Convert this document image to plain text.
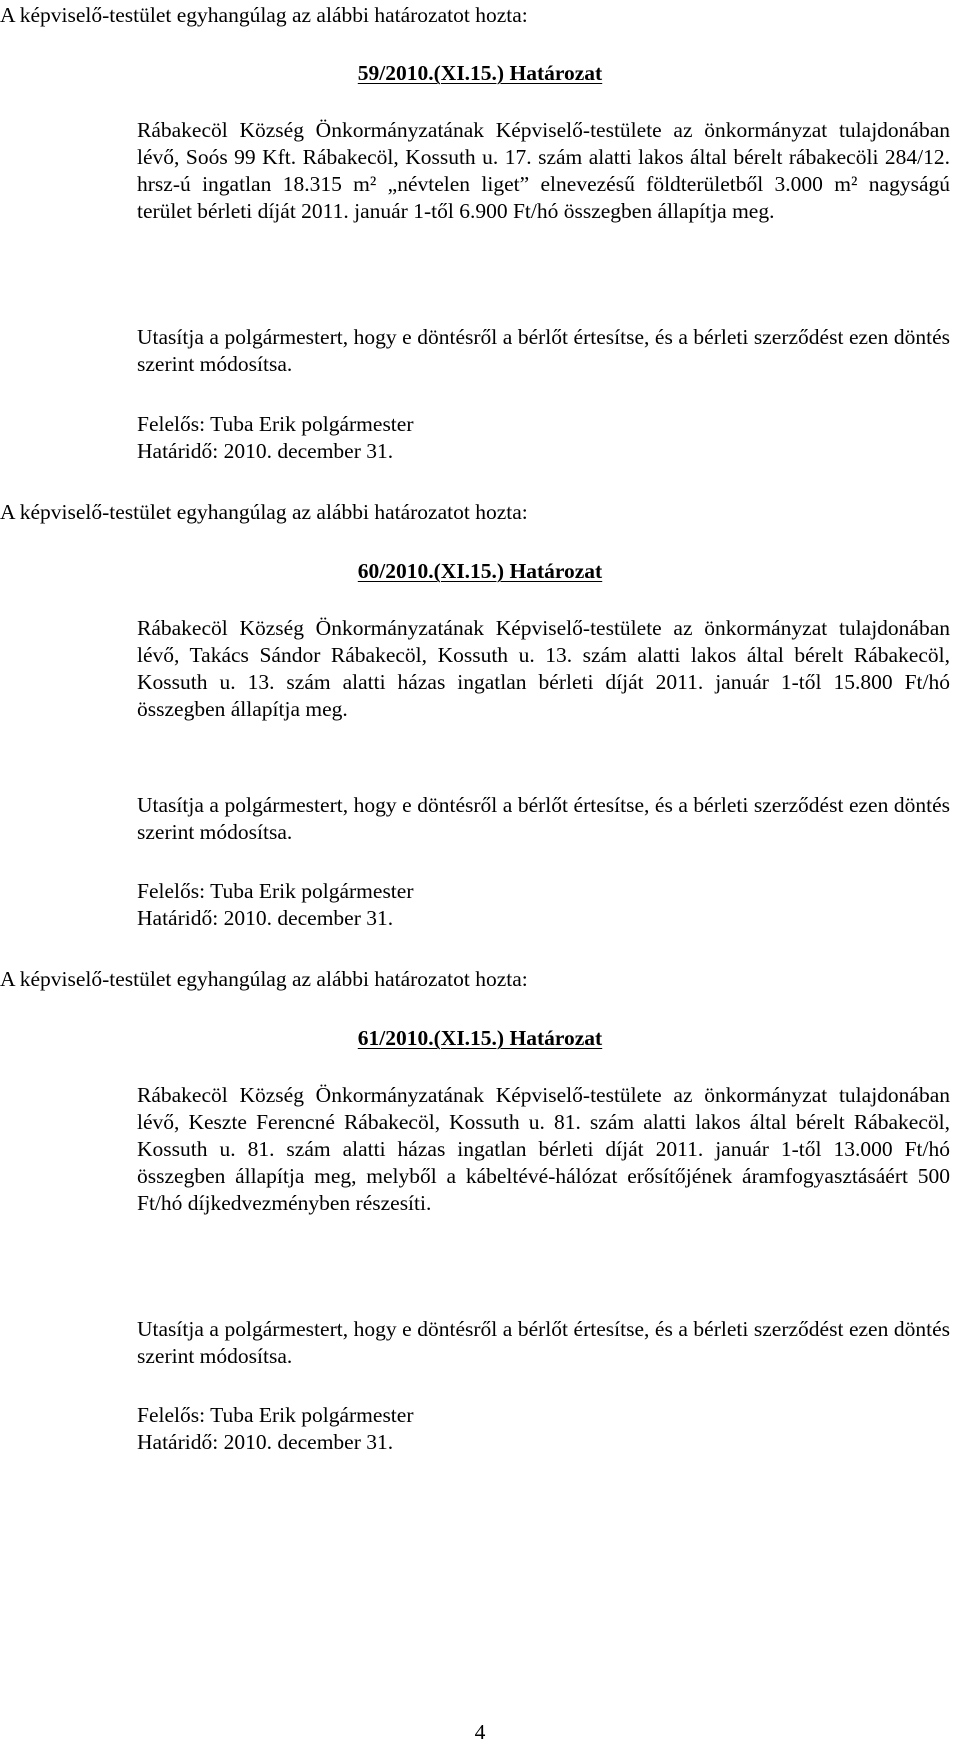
A képviselő-testület egyhangúlag az alábbi határozatot hozta:
59/2010.(XI.15.) Határozat
Rábakecöl Község Önkormányzatának Képviselő-testülete az önkormányzat tulajdonában lévő, Soós 99 Kft. Rábakecöl, Kossuth u. 17. szám alatti lakos által bérelt rábakecöli 284/12. hrsz-ú ingatlan 18.315 m² „névtelen liget” elnevezésű földterületből 3.000 m² nagyságú terület bérleti díját 2011. január 1-től 6.900 Ft/hó összegben állapítja meg.
Utasítja a polgármestert, hogy e döntésről a bérlőt értesítse, és a bérleti szerződést ezen döntés szerint módosítsa.
Felelős: Tuba Erik polgármester
Határidő: 2010. december 31.
A képviselő-testület egyhangúlag az alábbi határozatot hozta:
60/2010.(XI.15.) Határozat
Rábakecöl Község Önkormányzatának Képviselő-testülete az önkormányzat tulajdonában lévő, Takács Sándor Rábakecöl, Kossuth u. 13. szám alatti lakos által bérelt Rábakecöl, Kossuth u. 13. szám alatti házas ingatlan bérleti díját 2011. január 1-től 15.800 Ft/hó összegben állapítja meg.
Utasítja a polgármestert, hogy e döntésről a bérlőt értesítse, és a bérleti szerződést ezen döntés szerint módosítsa.
Felelős: Tuba Erik polgármester
Határidő: 2010. december 31.
A képviselő-testület egyhangúlag az alábbi határozatot hozta:
61/2010.(XI.15.) Határozat
Rábakecöl Község Önkormányzatának Képviselő-testülete az önkormányzat tulajdonában lévő, Keszte Ferencné Rábakecöl, Kossuth u. 81. szám alatti lakos által bérelt Rábakecöl, Kossuth u. 81. szám alatti házas ingatlan bérleti díját 2011. január 1-től 13.000 Ft/hó összegben állapítja meg, melyből a kábeltévé-hálózat erősítőjének áramfogyasztásáért 500 Ft/hó díjkedvezményben részesíti.
Utasítja a polgármestert, hogy e döntésről a bérlőt értesítse, és a bérleti szerződést ezen döntés szerint módosítsa.
Felelős: Tuba Erik polgármester
Határidő: 2010. december 31.
4
